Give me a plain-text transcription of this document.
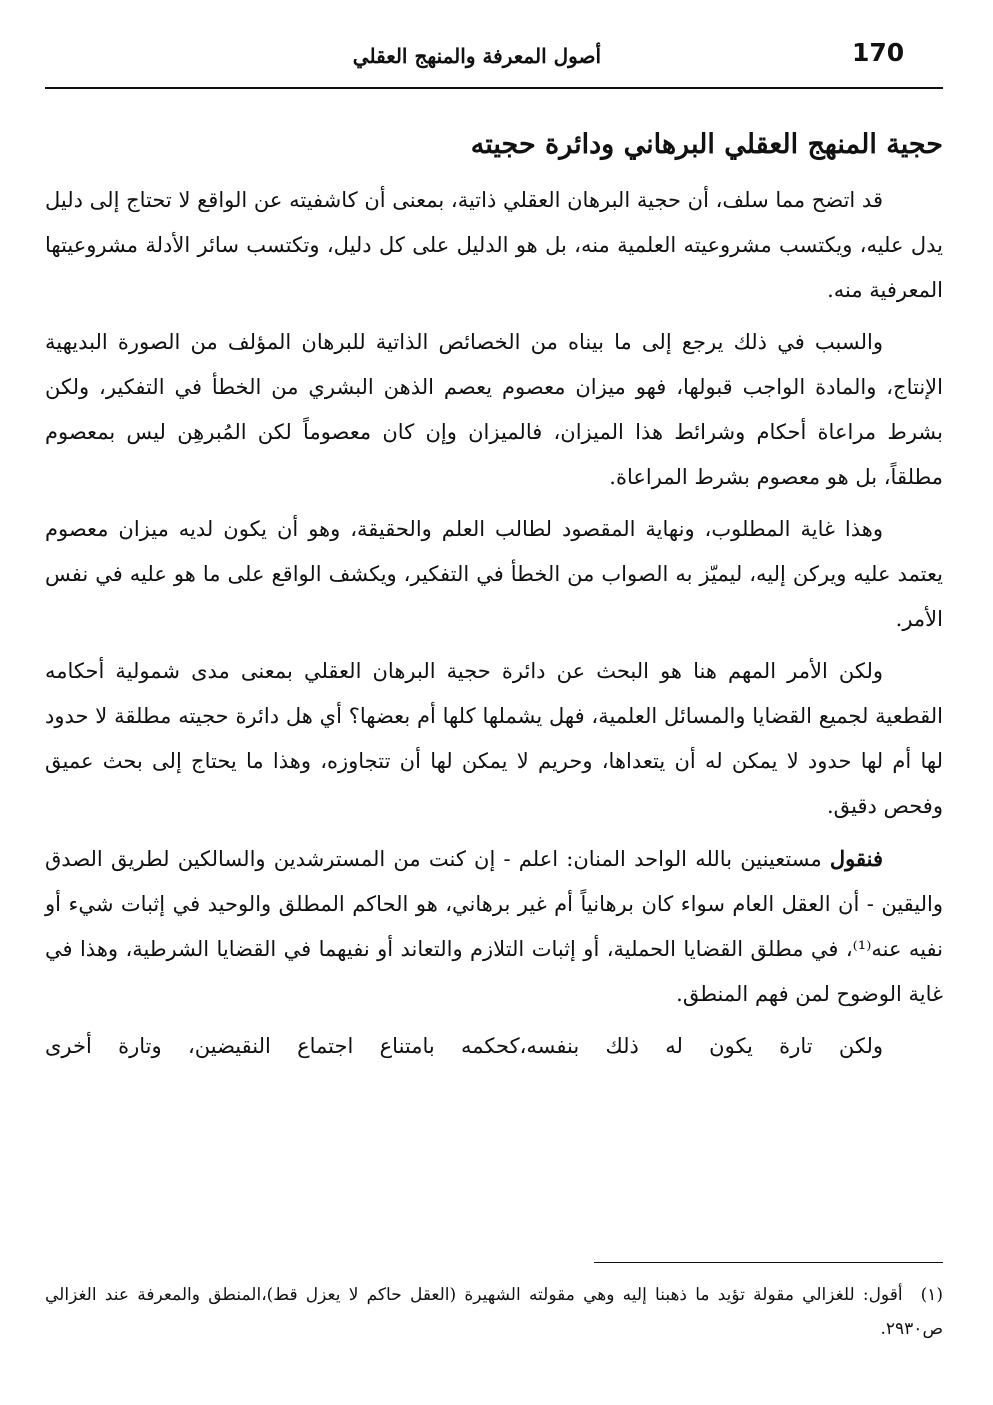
170
أصول المعرفة والمنهج العقلي
حجية المنهج العقلي البرهاني ودائرة حجيته

قد اتضح مما سلف، أن حجية البرهان العقلي ذاتية، بمعنى أن كاشفيته عن الواقع لا تحتاج إلى دليل يدل عليه، ويكتسب مشروعيته العلمية منه، بل هو الدليل على كل دليل، وتكتسب سائر الأدلة مشروعيتها المعرفية منه.

والسبب في ذلك يرجع إلى ما بيناه من الخصائص الذاتية للبرهان المؤلف من الصورة البديهية الإنتاج، والمادة الواجب قبولها، فهو ميزان معصوم يعصم الذهن البشري من الخطأ في التفكير، ولكن بشرط مراعاة أحكام وشرائط هذا الميزان، فالميزان وإن كان معصوماً لكن المُبرهِن ليس بمعصوم مطلقاً، بل هو معصوم بشرط المراعاة.

وهذا غاية المطلوب، ونهاية المقصود لطالب العلم والحقيقة، وهو أن يكون لديه ميزان معصوم يعتمد عليه ويركن إليه، ليميّز به الصواب من الخطأ في التفكير، ويكشف الواقع على ما هو عليه في نفس الأمر.

ولكن الأمر المهم هنا هو البحث عن دائرة حجية البرهان العقلي بمعنى مدى شمولية أحكامه القطعية لجميع القضايا والمسائل العلمية، فهل يشملها كلها أم بعضها؟ أي هل دائرة حجيته مطلقة لا حدود لها أم لها حدود لا يمكن له أن يتعداها، وحريم لا يمكن لها أن تتجاوزه، وهذا ما يحتاج إلى بحث عميق وفحص دقيق.

فنقول مستعينين بالله الواحد المنان: اعلم - إن كنت من المسترشدين والسالكين لطريق الصدق واليقين - أن العقل العام سواء كان برهانياً أم غير برهاني، هو الحاكم المطلق والوحيد في إثبات شيء أو نفيه عنه⁽¹⁾، في مطلق القضايا الحملية، أو إثبات التلازم والتعاند أو نفيهما في القضايا الشرطية، وهذا في غاية الوضوح لمن فهم المنطق.

ولكن تارة يكون له ذلك بنفسه،كحكمه بامتناع اجتماع النقيضين، وتارة أخرى

(١)أقول: للغزالي مقولة تؤيد ما ذهبنا إليه وهي مقولته الشهيرة (العقل حاكم لا يعزل قط)،المنطق والمعرفة عند الغزالي ص٢٩٣٠.
